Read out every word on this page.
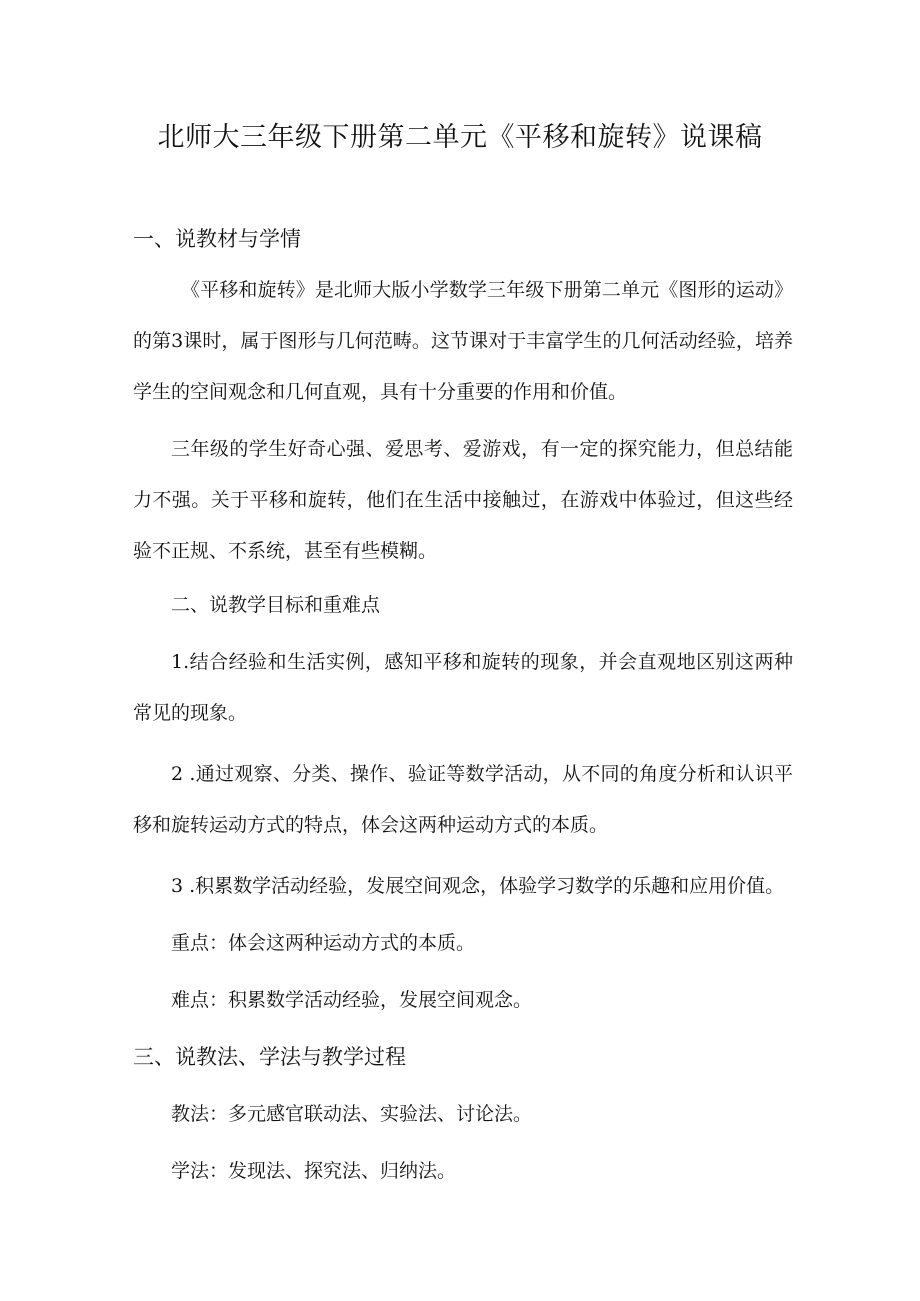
北师大三年级下册第二单元《平移和旋转》说课稿

一、说教材与学情

《平移和旋转》是北师大版小学数学三年级下册第二单元《图形的运动》的第3课时，属于图形与几何范畴。这节课对于丰富学生的几何活动经验，培养学生的空间观念和几何直观，具有十分重要的作用和价值。

三年级的学生好奇心强、爱思考、爱游戏，有一定的探究能力，但总结能力不强。关于平移和旋转，他们在生活中接触过，在游戏中体验过，但这些经验不正规、不系统，甚至有些模糊。

二、说教学目标和重难点

1.结合经验和生活实例，感知平移和旋转的现象，并会直观地区别这两种常见的现象。

2 .通过观察、分类、操作、验证等数学活动，从不同的角度分析和认识平移和旋转运动方式的特点，体会这两种运动方式的本质。

3 .积累数学活动经验，发展空间观念，体验学习数学的乐趣和应用价值。

重点：体会这两种运动方式的本质。

难点：积累数学活动经验，发展空间观念。

三、说教法、学法与教学过程

教法：多元感官联动法、实验法、讨论法。

学法：发现法、探究法、归纳法。
